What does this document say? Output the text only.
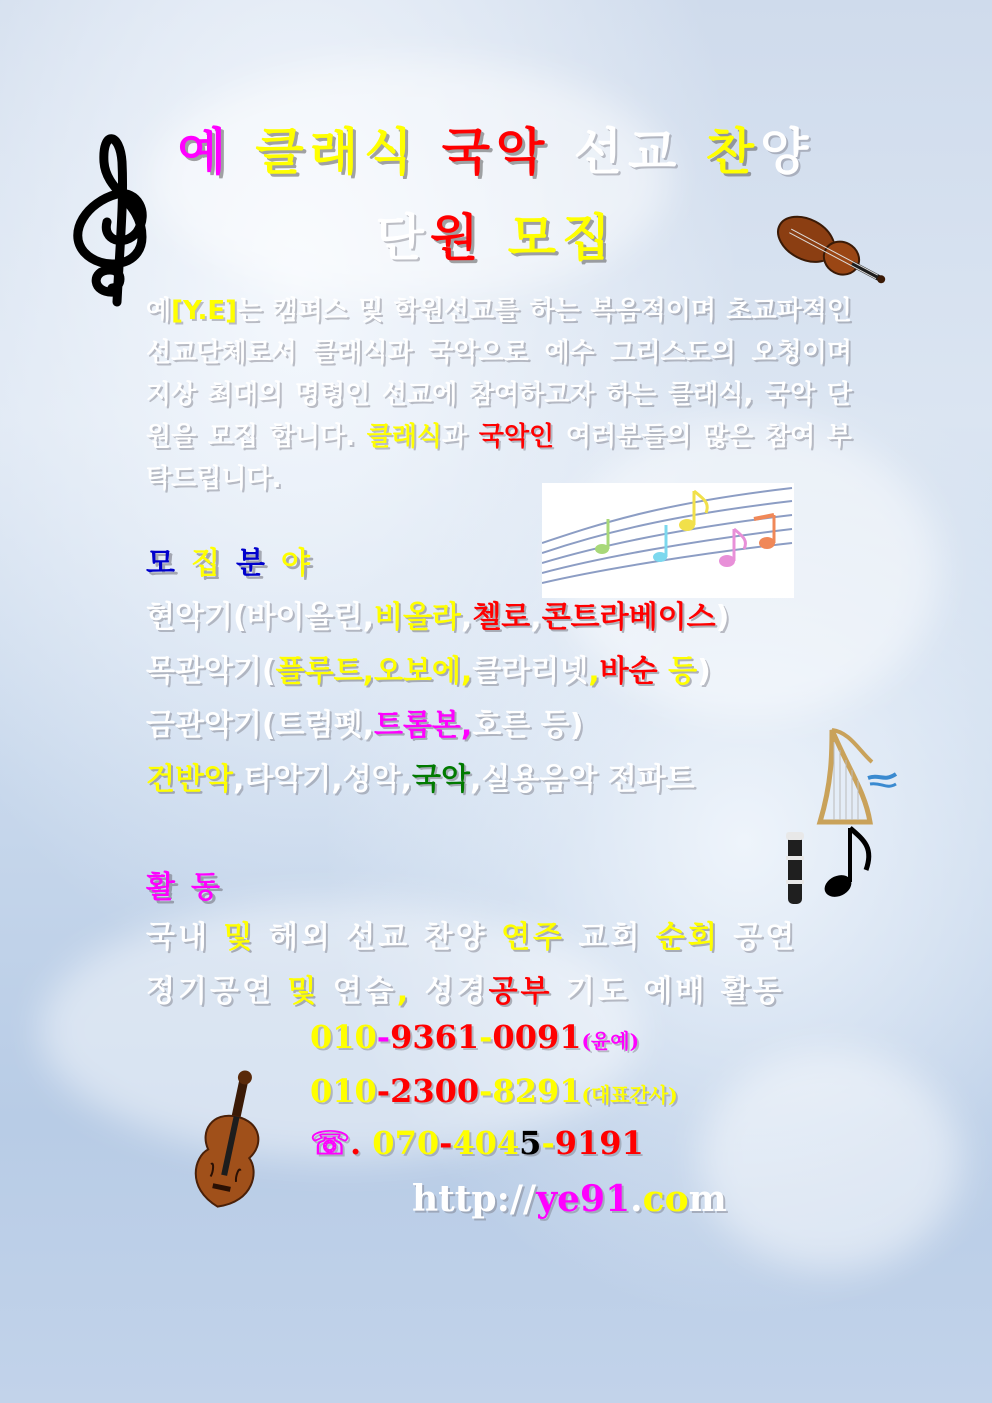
예 클래식 국악 선교 찬양
단원 모집
예[Y.E]는 캠퍼스 및 학원선교를 하는 복음적이며 초교파적인 선교단체로서 클래식과 국악으로 예수 그리스도의 오청이며 지상 최대의 명령인 선교에 참여하고자 하는 클래식, 국악 단원을 모집 합니다. 클래식과 국악인 여러분들의 많은 참여 부탁드립니다.
모집분야
현악기(바이올린,비올라,첼로,콘트라베이스)
목관악기(플루트,오보에,클라리넷,바순 등)
금관악기(트럼펫,트롬본,호른 등)
건반악,타악기,성악,국악,실용음악 전파트
활동
국내 및 해외 선교 찬양 연주 교회 순회 공연
정기공연 및 연습, 성경공부 기도 예배 활동
010-9361-0091(윤예)
010-2300-8291(대표간사)
☏. 070-4045-9191
http://ye91.com
